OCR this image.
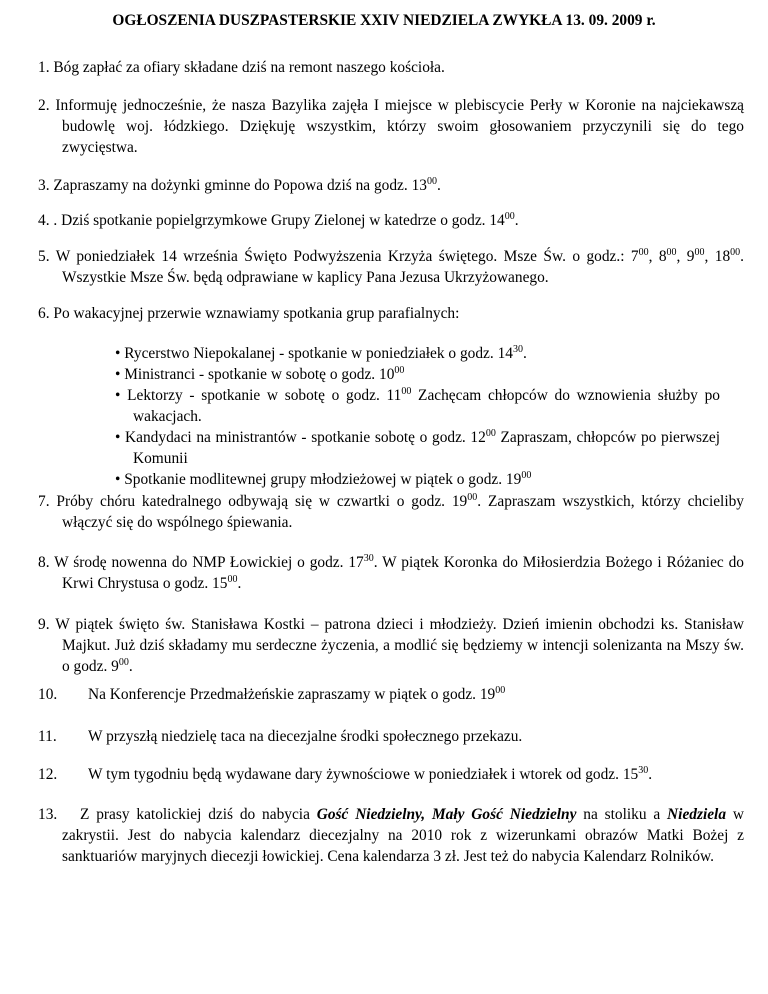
OGŁOSZENIA DUSZPASTERSKIE XXIV NIEDZIELA ZWYKŁA 13. 09. 2009 r.
1. Bóg zapłać za ofiary składane dziś na remont naszego kościoła.
2. Informuję jednocześnie, że nasza Bazylika zajęła I miejsce w plebiscycie Perły w Koronie na najciekawszą budowlę woj. łódzkiego. Dziękuję wszystkim, którzy swoim głosowaniem przyczynili się do tego zwycięstwa.
3. Zapraszamy na dożynki gminne do Popowa dziś na godz. $13^{00}$.
4. . Dziś spotkanie popielgrzymkowe Grupy Zielonej w katedrze o godz. $14^{00}$.
5. W poniedziałek 14 września Święto Podwyższenia Krzyża świętego. Msze Św. o godz.: $7^{00}$, $8^{00}$, $9^{00}$, $18^{00}$. Wszystkie Msze Św. będą odprawiane w kaplicy Pana Jezusa Ukrzyżowanego.
6. Po wakacyjnej przerwie wznawiamy spotkania grup parafialnych:
• Rycerstwo Niepokalanej - spotkanie w poniedziałek o godz. $14^{30}$.
• Ministranci - spotkanie w sobotę o godz. $10^{00}$
• Lektorzy - spotkanie w sobotę o godz. $11^{00}$ Zachęcam chłopców do wznowienia służby po wakacjach.
• Kandydaci na ministrantów - spotkanie sobotę o godz. $12^{00}$ Zapraszam, chłopców po pierwszej Komunii
• Spotkanie modlitewnej grupy młodzieżowej w piątek o godz. $19^{00}$
7. Próby chóru katedralnego odbywają się w czwartki o godz. $19^{00}$. Zapraszam wszystkich, którzy chcieliby włączyć się do wspólnego śpiewania.
8. W środę nowenna do NMP Łowickiej o godz. $17^{30}$. W piątek Koronka do Miłosierdzia Bożego i Różaniec do Krwi Chrystusa o godz. $15^{00}$.
9. W piątek święto św. Stanisława Kostki – patrona dzieci i młodzieży. Dzień imienin obchodzi ks. Stanisław Majkut. Już dziś składamy mu serdeczne życzenia, a modlić się będziemy w intencji solenizanta na Mszy św. o godz. $9^{00}$.
10. Na Konferencje Przedmałżeńskie zapraszamy w piątek o godz. $19^{00}$
11. W przyszłą niedzielę taca na diecezjalne środki społecznego przekazu.
12. W tym tygodniu będą wydawane dary żywnościowe w poniedziałek i wtorek od godz. $15^{30}$.
13. Z prasy katolickiej dziś do nabycia Gość Niedzielny, Mały Gość Niedzielny na stoliku a Niedziela w zakrystii. Jest do nabycia kalendarz diecezjalny na 2010 rok z wizerunkami obrazów Matki Bożej z sanktuariów maryjnych diecezji łowickiej. Cena kalendarza 3 zł. Jest też do nabycia Kalendarz Rolników.
